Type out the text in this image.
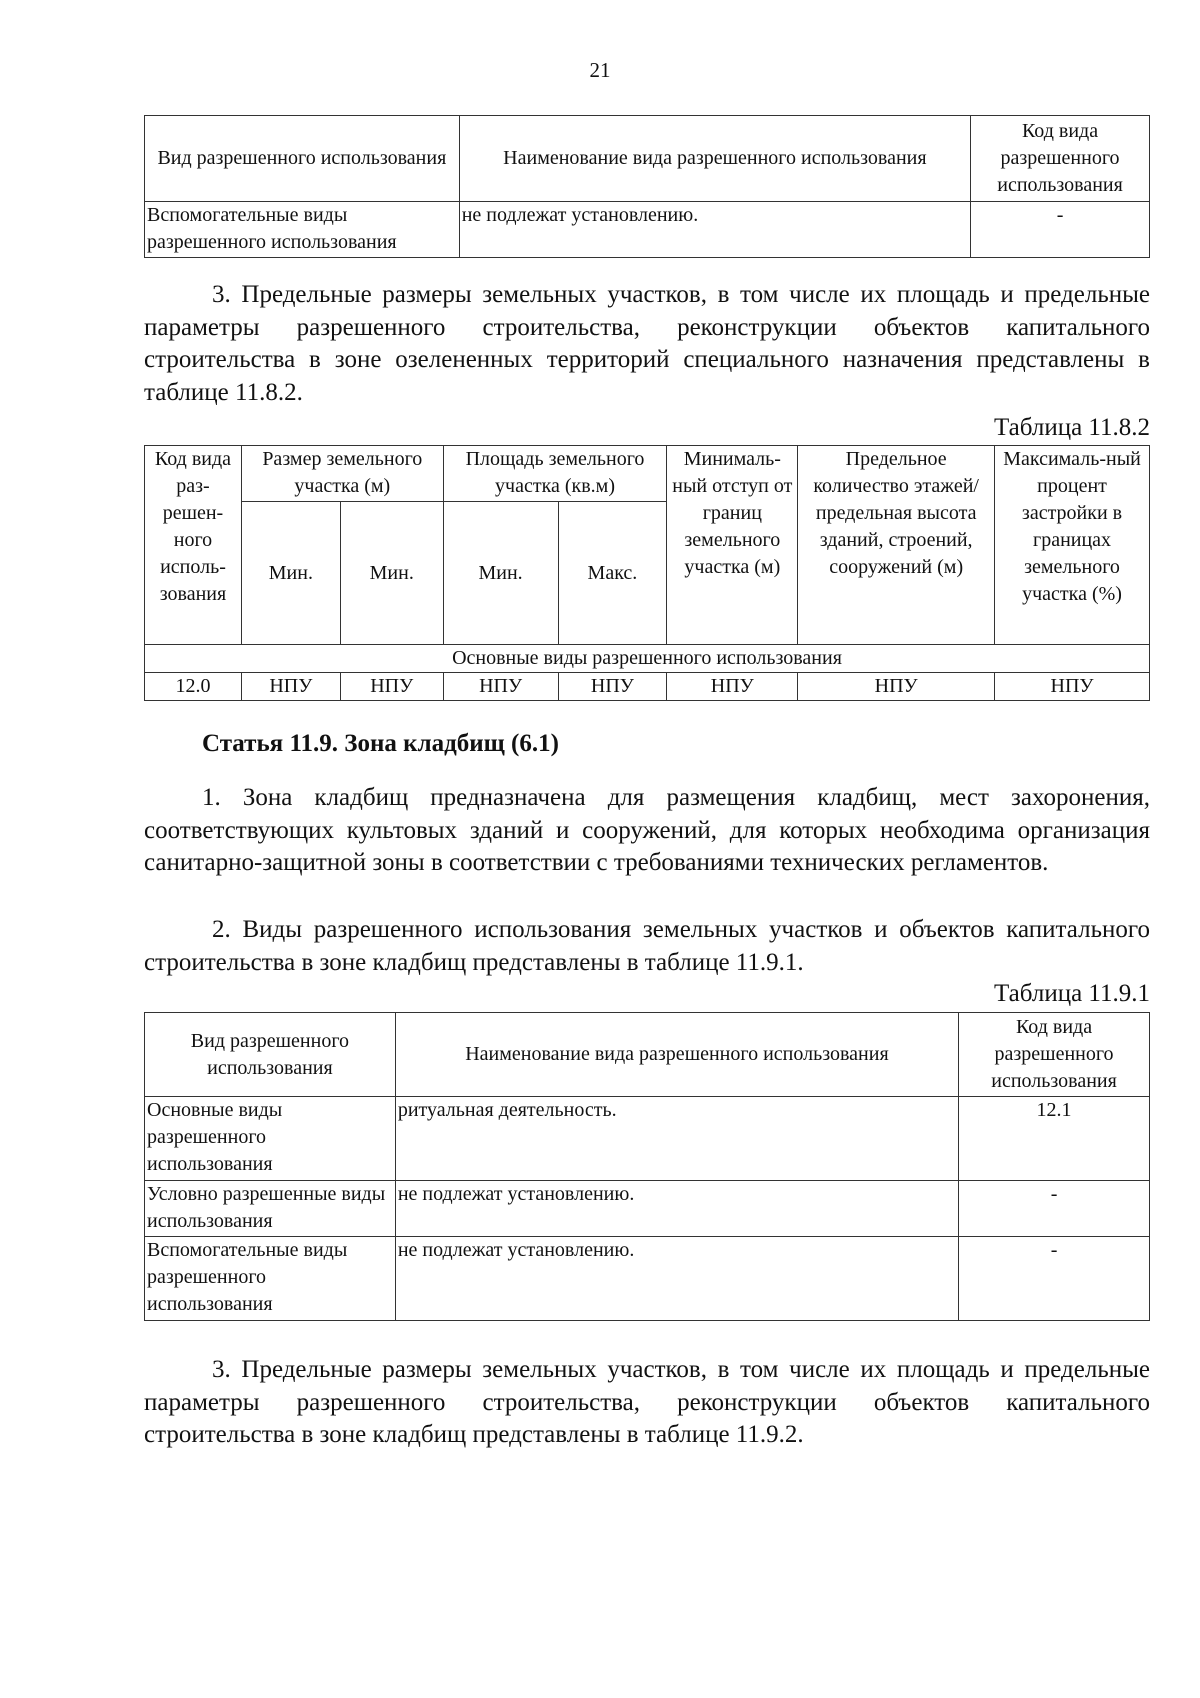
21
Вид разрешенного использования	Наименование вида разрешенного использования	Код вида разрешенного использования
Вспомогательные виды разрешенного использования	не подлежат установлению.	-

3. Предельные размеры земельных участков, в том числе их площадь и предельные параметры разрешенного строительства, реконструкции объектов капитального строительства в зоне озелененных территорий специального назначения представлены в таблице 11.8.2.

Таблица 11.8.2
Код вида раз-решен-ного исполь-зования	Размер земельного участка (м)		Площадь земельного участка (кв.м)		Минималь-ный отступ от границ земельного участка (м)	Предельное количество этажей/ предельная высота зданий, строений, сооружений (м)	Максималь-ный процент застройки в границах земельного участка (%)
	Мин.	Мин.	Мин.	Макс.			
Основные виды разрешенного использования							
12.0	НПУ	НПУ	НПУ	НПУ	НПУ	НПУ	НПУ
Статья 11.9. Зона кладбищ (6.1)

1. Зона кладбищ предназначена для размещения кладбищ, мест захоронения, соответствующих культовых зданий и сооружений, для которых необходима организация санитарно-защитной зоны в соответствии с требованиями технических регламентов.

2. Виды разрешенного использования земельных участков и объектов капитального строительства в зоне кладбищ представлены в таблице 11.9.1.

Таблица 11.9.1
Вид разрешенного использования	Наименование вида разрешенного использования	Код вида разрешенного использования
Основные виды разрешенного использования	ритуальная деятельность.	12.1
Условно разрешенные виды использования	не подлежат установлению.	-
Вспомогательные виды разрешенного использования	не подлежат установлению.	-

3. Предельные размеры земельных участков, в том числе их площадь и предельные параметры разрешенного строительства, реконструкции объектов капитального строительства в зоне кладбищ представлены в таблице 11.9.2.
